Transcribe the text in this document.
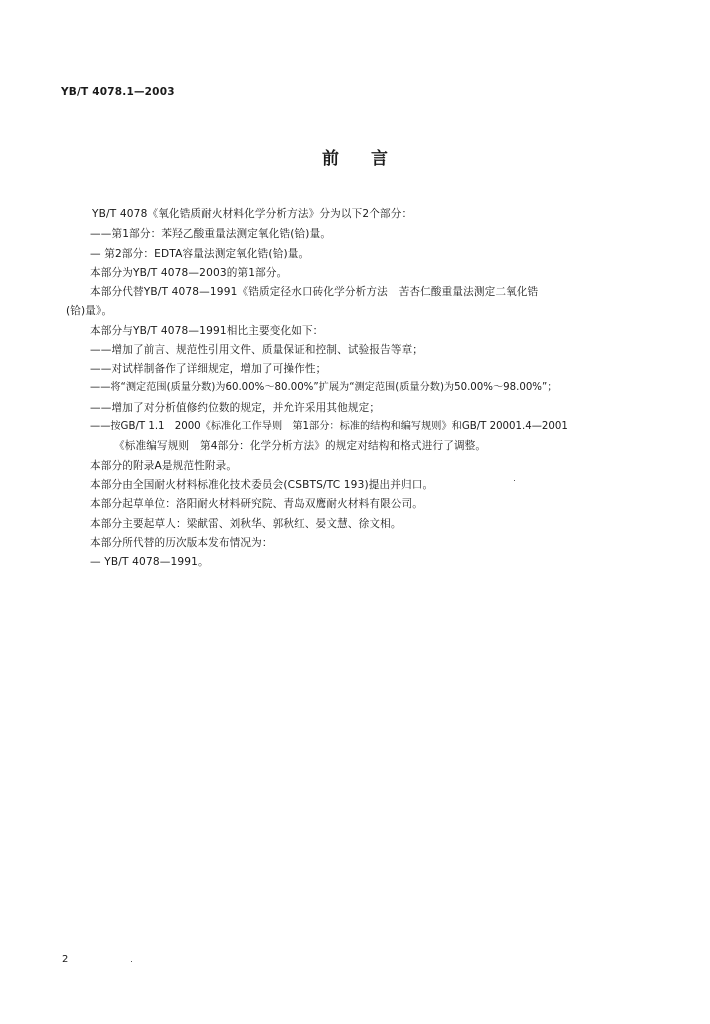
YB/T 4078.1—2003
前 言
YB/T 4078《氧化锆质耐火材料化学分析方法》分为以下2个部分：
——第1部分：苯羟乙酸重量法测定氧化锆(铪)量。
— 第2部分：EDTA容量法测定氧化锆(铪)量。
本部分为YB/T 4078—2003的第1部分。
本部分代替YB/T 4078—1991《锆质定径水口砖化学分析方法　苦杏仁酸重量法测定二氧化锆
(铪)量》。
本部分与YB/T 4078—1991相比主要变化如下：
——增加了前言、规范性引用文件、质量保证和控制、试验报告等章；
——对试样制备作了详细规定，增加了可操作性；
——将“测定范围(质量分数)为60.00%～80.00%”扩展为“测定范围(质量分数)为50.00%～98.00%”；
——增加了对分析值修约位数的规定，并允许采用其他规定；
——按GB/T 1.1　2000《标准化工作导则　第1部分：标准的结构和编写规则》和GB/T 20001.4—2001
《标准编写规则　第4部分：化学分析方法》的规定对结构和格式进行了调整。
本部分的附录A是规范性附录。
本部分由全国耐火材料标准化技术委员会(CSBTS/TC 193)提出并归口。
本部分起草单位：洛阳耐火材料研究院、青岛双鹰耐火材料有限公司。
本部分主要起草人：梁献雷、刘秋华、郭秋红、晏文慧、徐文相。
本部分所代替的历次版本发布情况为：
— YB/T 4078—1991。
2
